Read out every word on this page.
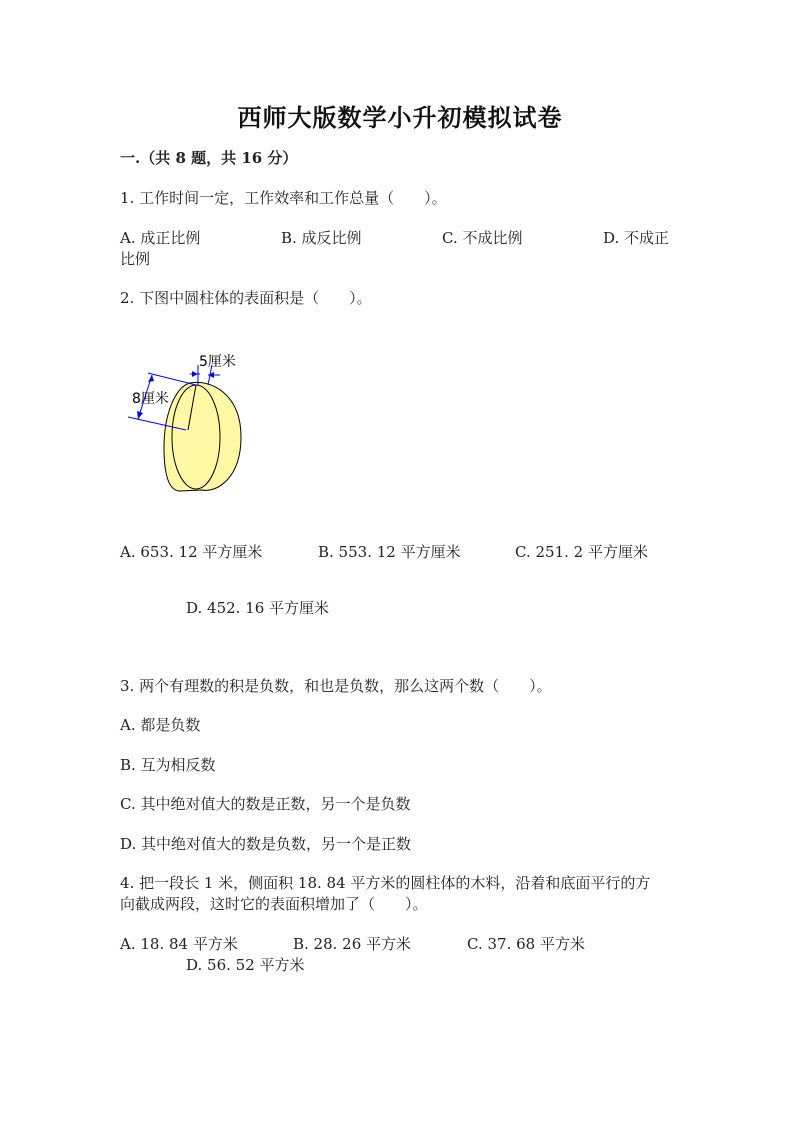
西师大版数学小升初模拟试卷
一.（共 8 题，共 16 分）
1. 工作时间一定，工作效率和工作总量（　　）。
A. 成正比例	B. 成反比例	C. 不成比例	D. 不成正
比例
2. 下图中圆柱体的表面积是（　　）。
5厘米
8厘米
A. 653. 12 平方厘米	B. 553. 12 平方厘米	C. 251. 2 平方厘米
D. 452. 16 平方厘米
3. 两个有理数的积是负数，和也是负数，那么这两个数（　　）。
A. 都是负数
B. 互为相反数
C. 其中绝对值大的数是正数，另一个是负数
D. 其中绝对值大的数是负数，另一个是正数
4. 把一段长 1 米，侧面积 18. 84 平方米的圆柱体的木料，沿着和底面平行的方
向截成两段，这时它的表面积增加了（　　）。
A. 18. 84 平方米	B. 28. 26 平方米	C. 37. 68 平方米
D. 56. 52 平方米
